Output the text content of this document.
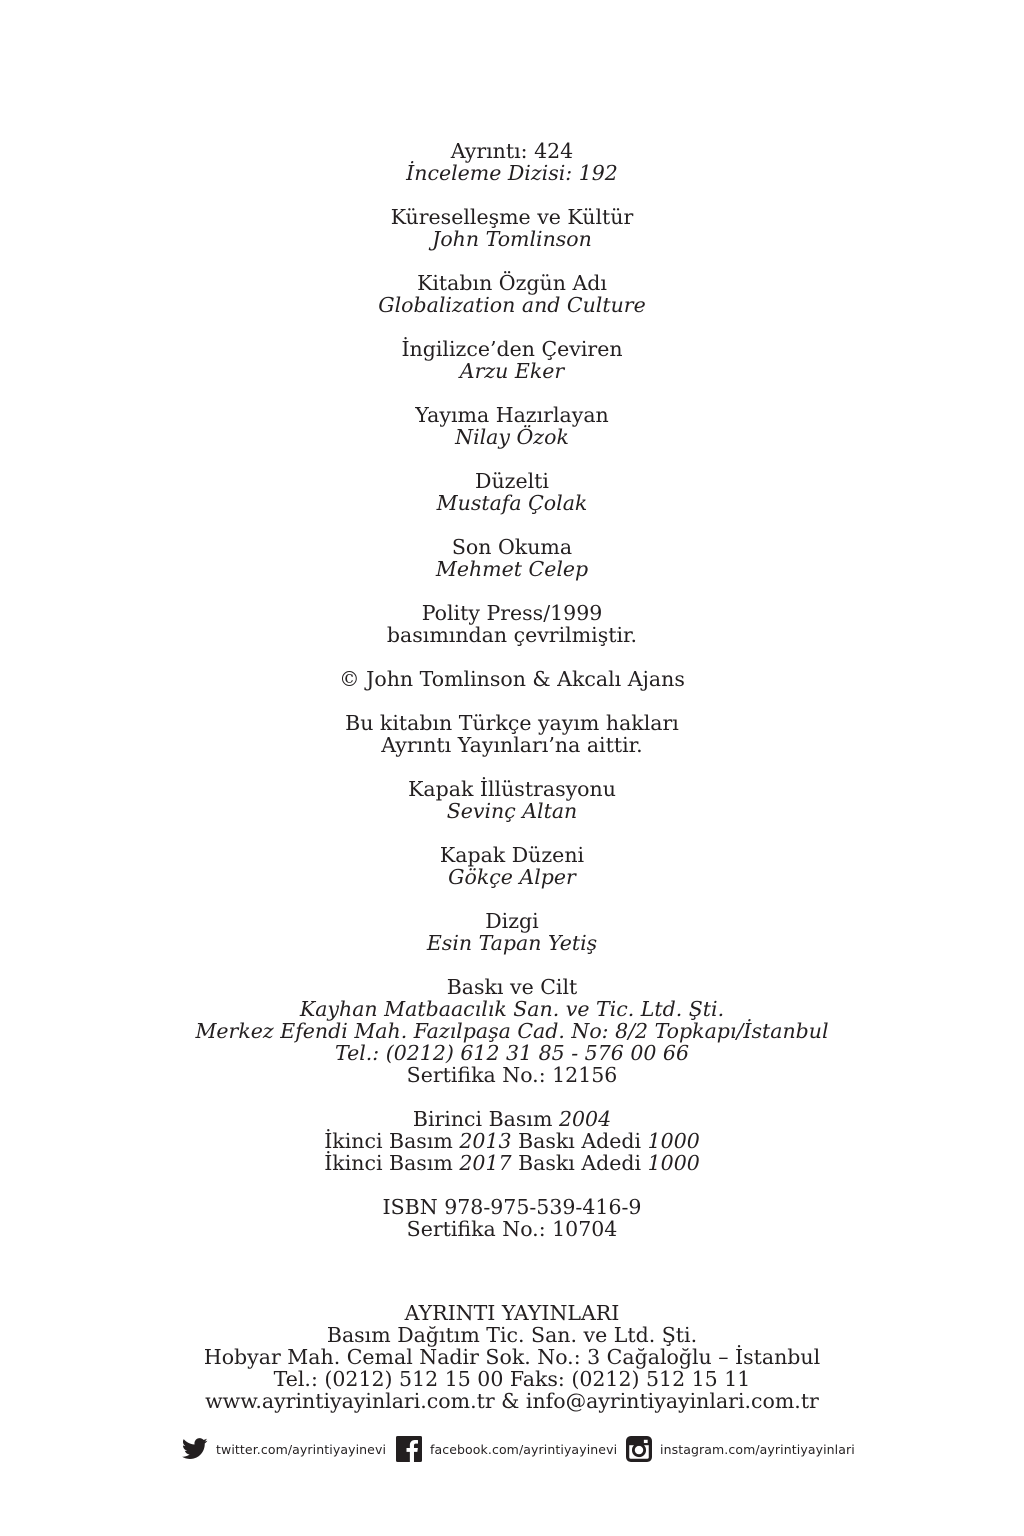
Ayrıntı: 424
İnceleme Dizisi: 192
Küreselleşme ve Kültür
John Tomlinson
Kitabın Özgün Adı
Globalization and Culture
İngilizce’den Çeviren
Arzu Eker
Yayıma Hazırlayan
Nilay Özok
Düzelti
Mustafa Çolak
Son Okuma
Mehmet Celep
Polity Press/1999
basımından çevrilmiştir.
© John Tomlinson & Akcalı Ajans
Bu kitabın Türkçe yayım hakları
Ayrıntı Yayınları’na aittir.
Kapak İllüstrasyonu
Sevinç Altan
Kapak Düzeni
Gökçe Alper
Dizgi
Esin Tapan Yetiş
Baskı ve Cilt
Kayhan Matbaacılık San. ve Tic. Ltd. Şti.
Merkez Efendi Mah. Fazılpaşa Cad. No: 8/2 Topkapı/İstanbul
Tel.: (0212) 612 31 85 - 576 00 66
Sertifika No.: 12156
Birinci Basım 2004
İkinci Basım 2013 Baskı Adedi 1000
İkinci Basım 2017 Baskı Adedi 1000
ISBN 978-975-539-416-9
Sertifika No.: 10704
AYRINTI YAYINLARI
Basım Dağıtım Tic. San. ve Ltd. Şti.
Hobyar Mah. Cemal Nadir Sok. No.: 3 Cağaloğlu – İstanbul
Tel.: (0212) 512 15 00 Faks: (0212) 512 15 11
www.ayrintiyayinlari.com.tr & info@ayrintiyayinlari.com.tr
twitter.com/ayrintiyayinevi	facebook.com/ayrintiyayinevi	instagram.com/ayrintiyayinlari
